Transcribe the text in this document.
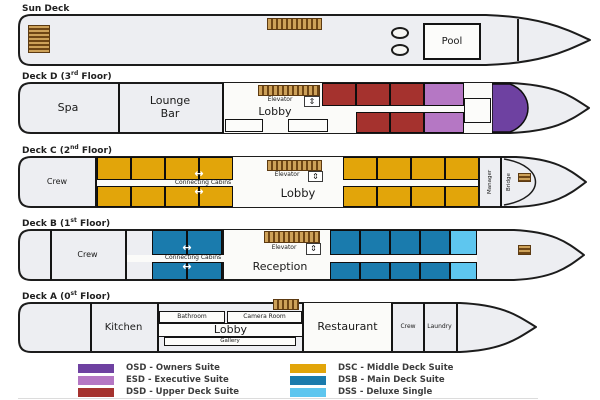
Sun Deck
Deck D (3rd Floor)
Deck C (2nd Floor)
Deck B (1st Floor)
Deck A (0st Floor)
Pool
Spa	Lounge Bar
Elevator	⇕
Lobby
Crew
↔
↔
Connecting Cabins
Elevator	⇕
Lobby	Manager	Bridge
Crew
↔
↔
Connecting Cabins
Elevator	⇕
Reception
Kitchen
Bathroom	Camera Room
Lobby
Gallery
Restaurant	Crew	Laundry
OSD - Owners Suite
ESD - Executive Suite
DSD - Upper Deck Suite
DSC - Middle Deck Suite
DSB - Main Deck Suite
DSS - Deluxe Single
